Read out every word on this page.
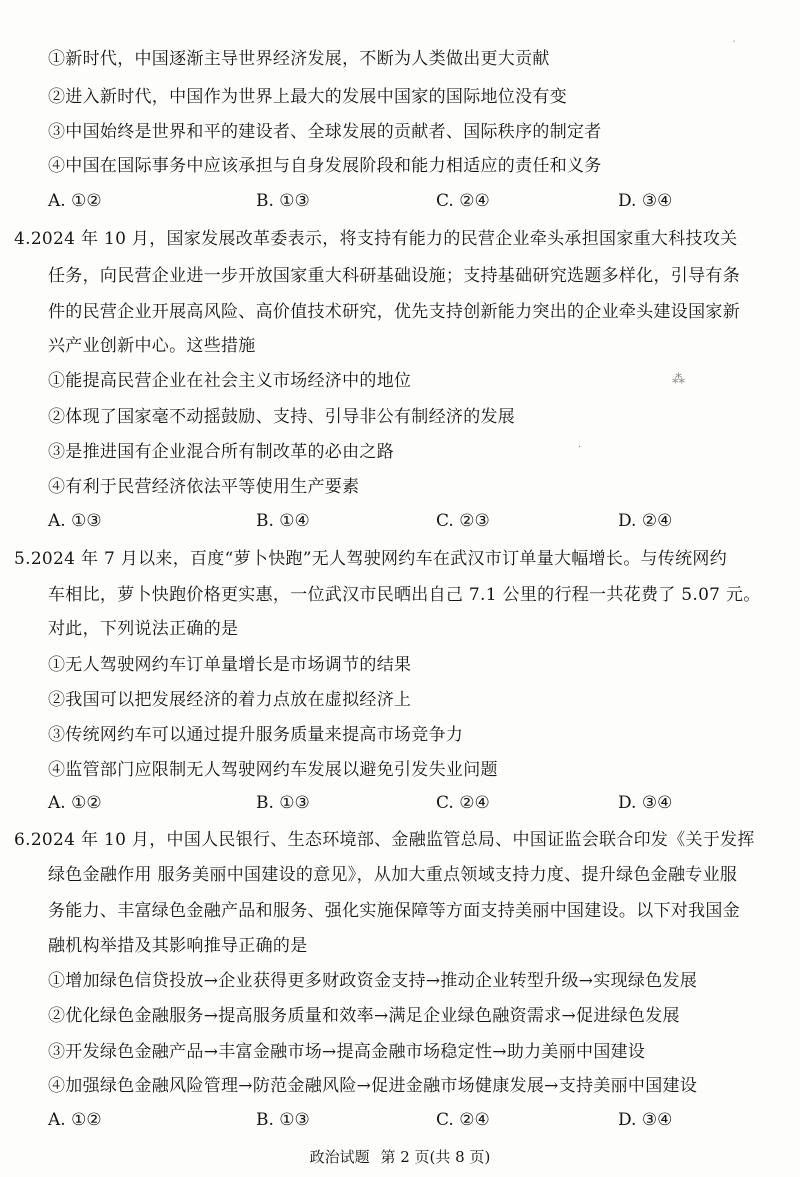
①新时代，中国逐渐主导世界经济发展，不断为人类做出更大贡献
②进入新时代，中国作为世界上最大的发展中国家的国际地位没有变
③中国始终是世界和平的建设者、全球发展的贡献者、国际秩序的制定者
④中国在国际事务中应该承担与自身发展阶段和能力相适应的责任和义务
A. ①②	B. ①③	C. ②④	D. ③④
4.2024 年 10 月，国家发展改革委表示，将支持有能力的民营企业牵头承担国家重大科技攻关
任务，向民营企业进一步开放国家重大科研基础设施；支持基础研究选题多样化，引导有条
件的民营企业开展高风险、高价值技术研究，优先支持创新能力突出的企业牵头建设国家新
兴产业创新中心。这些措施
①能提高民营企业在社会主义市场经济中的地位
②体现了国家毫不动摇鼓励、支持、引导非公有制经济的发展
③是推进国有企业混合所有制改革的必由之路
④有利于民营经济依法平等使用生产要素
A. ①③	B. ①④	C. ②③	D. ②④
5.2024 年 7 月以来，百度“萝卜快跑”无人驾驶网约车在武汉市订单量大幅增长。与传统网约
车相比，萝卜快跑价格更实惠，一位武汉市民晒出自己 7.1 公里的行程一共花费了 5.07 元。
对此，下列说法正确的是
①无人驾驶网约车订单量增长是市场调节的结果
②我国可以把发展经济的着力点放在虚拟经济上
③传统网约车可以通过提升服务质量来提高市场竞争力
④监管部门应限制无人驾驶网约车发展以避免引发失业问题
A. ①②	B. ①③	C. ②④	D. ③④
6.2024 年 10 月，中国人民银行、生态环境部、金融监管总局、中国证监会联合印发《关于发挥
绿色金融作用 服务美丽中国建设的意见》，从加大重点领域支持力度、提升绿色金融专业服
务能力、丰富绿色金融产品和服务、强化实施保障等方面支持美丽中国建设。以下对我国金
融机构举措及其影响推导正确的是
①增加绿色信贷投放→企业获得更多财政资金支持→推动企业转型升级→实现绿色发展
②优化绿色金融服务→提高服务质量和效率→满足企业绿色融资需求→促进绿色发展
③开发绿色金融产品→丰富金融市场→提高金融市场稳定性→助力美丽中国建设
④加强绿色金融风险管理→防范金融风险→促进金融市场健康发展→支持美丽中国建设
A. ①②	B. ①③	C. ②④	D. ③④
政治试题 第 2 页(共 8 页)
′
⁂
·
